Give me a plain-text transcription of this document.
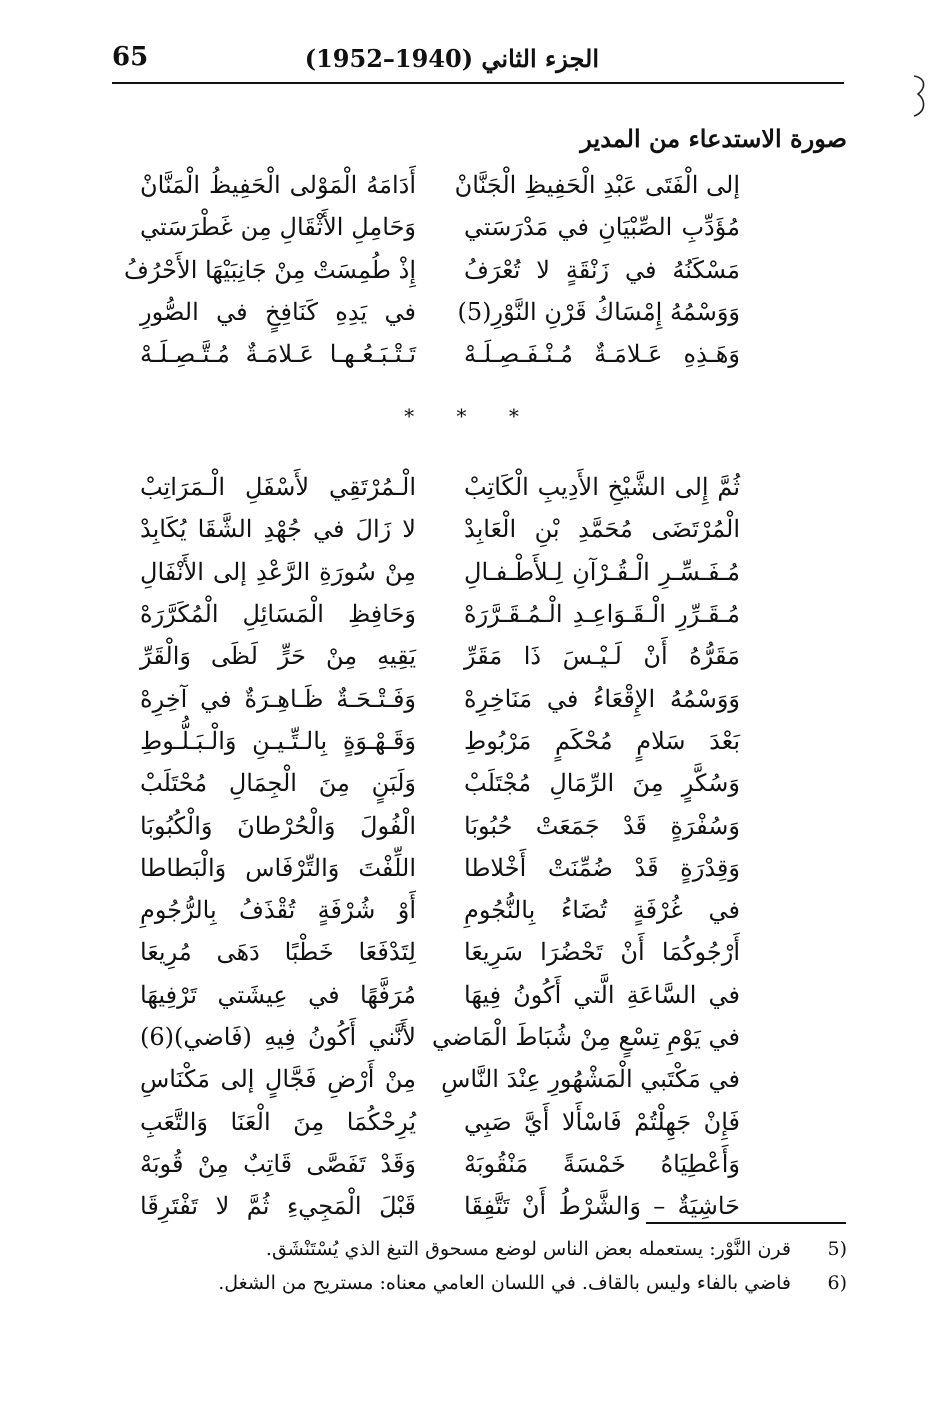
65	الجزء الثاني (1940–1952)
صورة الاستدعاء من المدير
إلى الْفَتَى عَبْدِ الْحَفِيظِ الْجَنَّانْ
أَدَامَهُ الْمَوْلى الْحَفِيظُ الْمَنَّانْ
مُؤَدِّبِ الصِّبْيَانِ في مَدْرَسَتي
وَحَامِلِ الأَثْقَالِ مِن غَطْرَسَتي
مَسْكَنُهُ في زَنْقَةٍ لا تُعْرَفُ
إِذْ طُمِسَتْ مِنْ جَانِبَيْهَا الأَحْرُفُ
وَوَسْمُهُ إِمْسَاكُ قَرْنِ النَّوْرِ(5)
في يَدِهِ كَنَافِخٍ في الصُّورِ
وَهَـذِهِ عَـلامَـةٌ مُـنْـفَـصِـلَـهْ
تَـتْـبَـعُـهـا عَـلامَـةٌ مُـتَّـصِـلَـهْ
* * *
ثُمَّ إِلى الشَّيْخِ الأَدِيبِ الْكَاتِبْ
الْـمُرْتَقِي لأَسْفَلِ الْـمَرَاتِبْ
الْمُرْتَضَى مُحَمَّدِ بْنِ الْعَابِدْ
لا زَالَ في جُهْدِ الشَّقَا يُكَابِدْ
مُـفَـسِّـرِ الْـقُـرْآنِ لِـلأَطْـفـالِ
مِنْ سُورَةِ الرَّعْدِ إلى الأَنْفَالِ
مُـقَـرِّرِ الْـقَـوَاعِـدِ الْـمُـقَـرَّرَهْ
وَحَافِظِ الْمَسَائِلِ الْمُكَرَّرَهْ
مَقَرُّهُ أَنْ لَـيْـسَ ذَا مَقَرِّ
يَقِيهِ مِنْ حَرٍّ لَظَى وَالْقَرِّ
وَوَسْمُهُ الإِقْعَاءُ في مَنَاخِرِهْ
وَفَـتْـحَـةٌ ظَـاهِـرَةٌ في آخِرِهْ
بَعْدَ سَلامٍ مُحْكَمٍ مَرْبُوطِ
وَقَـهْـوَةٍ بِالـتِّـيـنِ وَالْـبَـلُّـوطِ
وَسُكَّرٍ مِنَ الرِّمَالِ مُجْتَلَبْ
وَلَبَنٍ مِنَ الْجِمَالِ مُحْتَلَبْ
وَسُفْرَةٍ قَدْ جَمَعَتْ حُبُوبَا
الْفُولَ وَالْحُرْطانَ وَالْكُبُوبَا
وَقِدْرَةٍ قَدْ ضُمِّنَتْ أَخْلاطا
اللِّفْتَ وَالتِّرْفَاس وَالْبَطاطا
في غُرْفَةٍ تُضَاءُ بِالنُّجُومِ
أَوْ شُرْفَةٍ تُقْذَفُ بِالرُّجُومِ
أَرْجُوكُمَا أَنْ تَحْضُرَا سَرِيعَا
لِتَدْفَعَا خَطْبًا دَهَى مُرِيعَا
في السَّاعَةِ الَّتي أَكُونُ فِيهَا
مُرَفَّهًا في عِيشَتي تَرْفِيهَا
في يَوْمِ تِسْعٍ مِنْ شُبَاطَ الْمَاضي
لأَنَّني أَكُونُ فِيهِ (فَاضي)(6)
في مَكْتَبي الْمَشْهُورِ عِنْدَ النَّاسِ
مِنْ أَرْضِ فَجَّالٍ إلى مَكْنَاسِ
فَإِنْ جَهِلْتُمْ فَاسْأَلا أَيَّ صَبِي
يُرِحْكُمَا مِنَ الْعَنَا وَالتَّعَبِ
وَأَعْطِيَاهُ خَمْسَةً مَنْقُوبَهْ
وَقَدْ تَفَصَّى قَاتِبٌ مِنْ قُوبَهْ
حَاشِيَةٌ – وَالشَّرْطُ أَنْ تَتَّفِقَا
قَبْلَ الْمَجِيءِ ثُمَّ لا تَفْتَرِقَا
5)
قرن النَّوْر: يستعمله بعض الناس لوضع مسحوق التبغ الذي يُسْتَنْشَق.
6)
فاضي بالفاء وليس بالقاف. في اللسان العامي معناه: مستريح من الشغل.
